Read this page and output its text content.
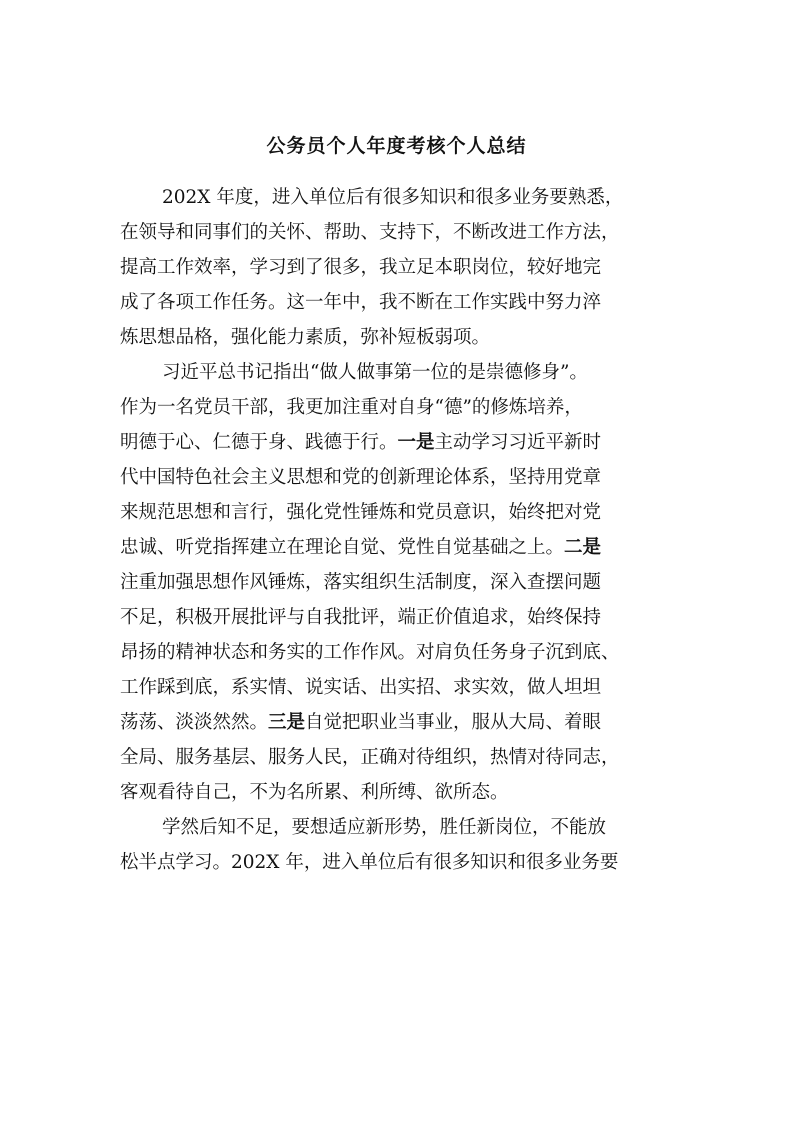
公务员个人年度考核个人总结
202X 年度，进入单位后有很多知识和很多业务要熟悉，
在领导和同事们的关怀、帮助、支持下，不断改进工作方法，
提高工作效率，学习到了很多，我立足本职岗位，较好地完
成了各项工作任务。这一年中，我不断在工作实践中努力淬
炼思想品格，强化能力素质，弥补短板弱项。
习近平总书记指出“做人做事第一位的是崇德修身”。
作为一名党员干部，我更加注重对自身“德”的修炼培养，
明德于心、仁德于身、践德于行。一是主动学习习近平新时
代中国特色社会主义思想和党的创新理论体系，坚持用党章
来规范思想和言行，强化党性锤炼和党员意识，始终把对党
忠诚、听党指挥建立在理论自觉、党性自觉基础之上。二是
注重加强思想作风锤炼，落实组织生活制度，深入查摆问题
不足，积极开展批评与自我批评，端正价值追求，始终保持
昂扬的精神状态和务实的工作作风。对肩负任务身子沉到底、
工作踩到底，系实情、说实话、出实招、求实效，做人坦坦
荡荡、淡淡然然。三是自觉把职业当事业，服从大局、着眼
全局、服务基层、服务人民，正确对待组织，热情对待同志，
客观看待自己，不为名所累、利所缚、欲所态。
学然后知不足，要想适应新形势，胜任新岗位，不能放
松半点学习。202X 年，进入单位后有很多知识和很多业务要
